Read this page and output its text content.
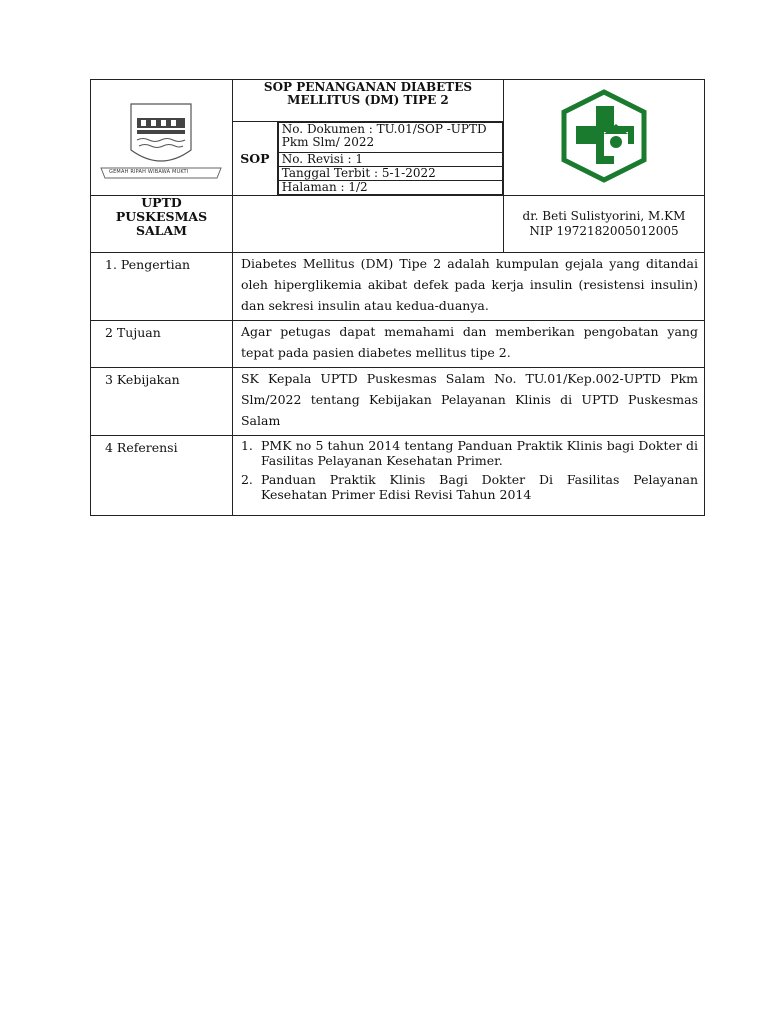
GEMAH RIPAH WIBAWA MUKTI
	SOP PENANGANAN DIABETES MELLITUS (DM) TIPE 2	

SOP	
No. Dokumen : TU.01/SOP -UPTD Pkm Slm/ 2022
No. Revisi : 1
Tanggal Terbit : 5-1-2022
Halaman : 1/2

UPTD PUSKESMAS SALAM		
dr. Beti Sulistyorini, M.KM
NIP 1972182005012005

1. Pengertian	Diabetes Mellitus (DM) Tipe 2 adalah kumpulan gejala yang ditandai oleh hiperglikemia akibat defek pada kerja insulin (resistensi insulin) dan sekresi insulin atau kedua-duanya.
2 Tujuan	Agar petugas dapat memahami dan memberikan pengobatan yang tepat pada pasien diabetes mellitus tipe 2.
3 Kebijakan	SK Kepala UPTD Puskesmas Salam No. TU.01/Kep.002-UPTD Pkm Slm/2022 tentang Kebijakan Pelayanan Klinis di UPTD Puskesmas Salam
4 Referensi	1. PMK no 5 tahun 2014 tentang Panduan Praktik Klinis bagi Dokter di Fasilitas Pelayanan Kesehatan Primer.
2. Panduan Praktik Klinis Bagi Dokter Di Fasilitas Pelayanan Kesehatan Primer Edisi Revisi Tahun 2014
